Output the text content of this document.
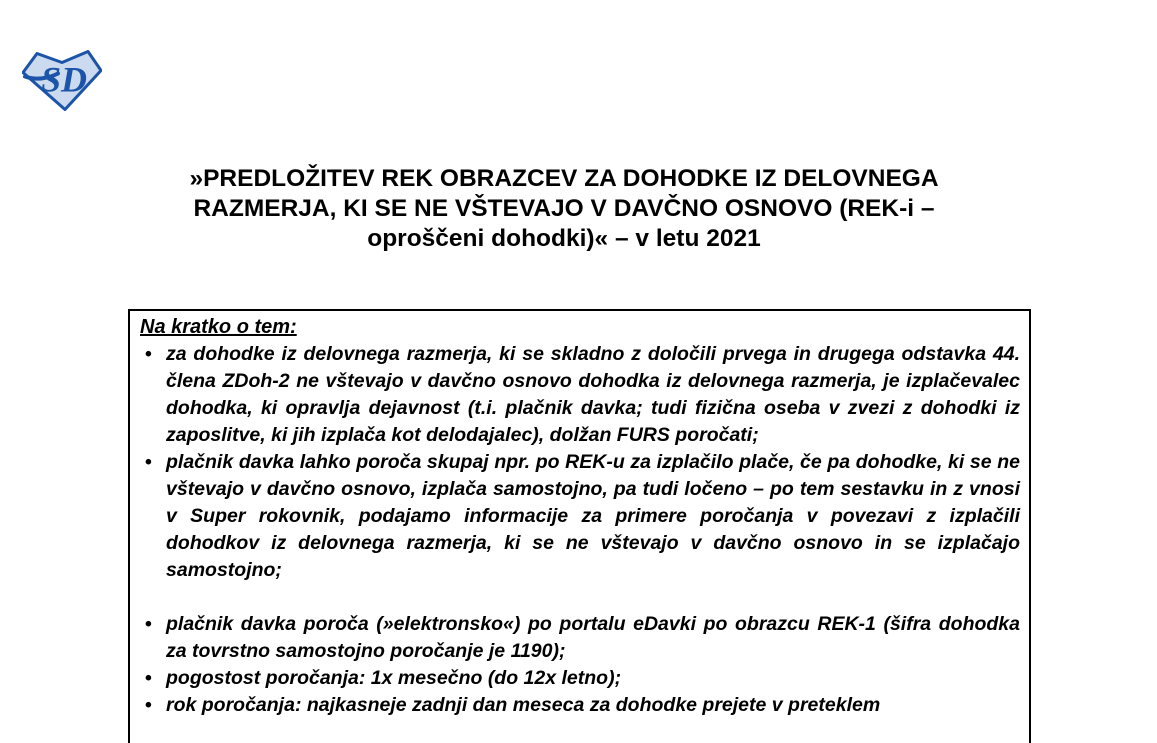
SD
»PREDLOŽITEV REK OBRAZCEV ZA DOHODKE IZ DELOVNEGA
RAZMERJA, KI SE NE VŠTEVAJO V DAVČNO OSNOVO (REK-i –
oproščeni dohodki)« – v letu 2021
Na kratko o tem:
• za dohodke iz delovnega razmerja, ki se skladno z določili prvega in drugega odstavka 44. člena ZDoh-2 ne vštevajo v davčno osnovo dohodka iz delovnega razmerja, je izplačevalec dohodka, ki opravlja dejavnost (t.i. plačnik davka; tudi fizična oseba v zvezi z dohodki iz zaposlitve, ki jih izplača kot delodajalec), dolžan FURS poročati;
• plačnik davka lahko poroča skupaj npr. po REK-u za izplačilo plače, če pa dohodke, ki se ne vštevajo v davčno osnovo, izplača samostojno, pa tudi ločeno – po tem sestavku in z vnosi v Super rokovnik, podajamo informacije za primere poročanja v povezavi z izplačili dohodkov iz delovnega razmerja, ki se ne vštevajo v davčno osnovo in se izplačajo samostojno;
• plačnik davka poroča (»elektronsko«) po portalu eDavki po obrazcu REK-1 (šifra dohodka za tovrstno samostojno poročanje je 1190);
• pogostost poročanja: 1x mesečno (do 12x letno);
• rok poročanja: najkasneje zadnji dan meseca za dohodke prejete v preteklem
